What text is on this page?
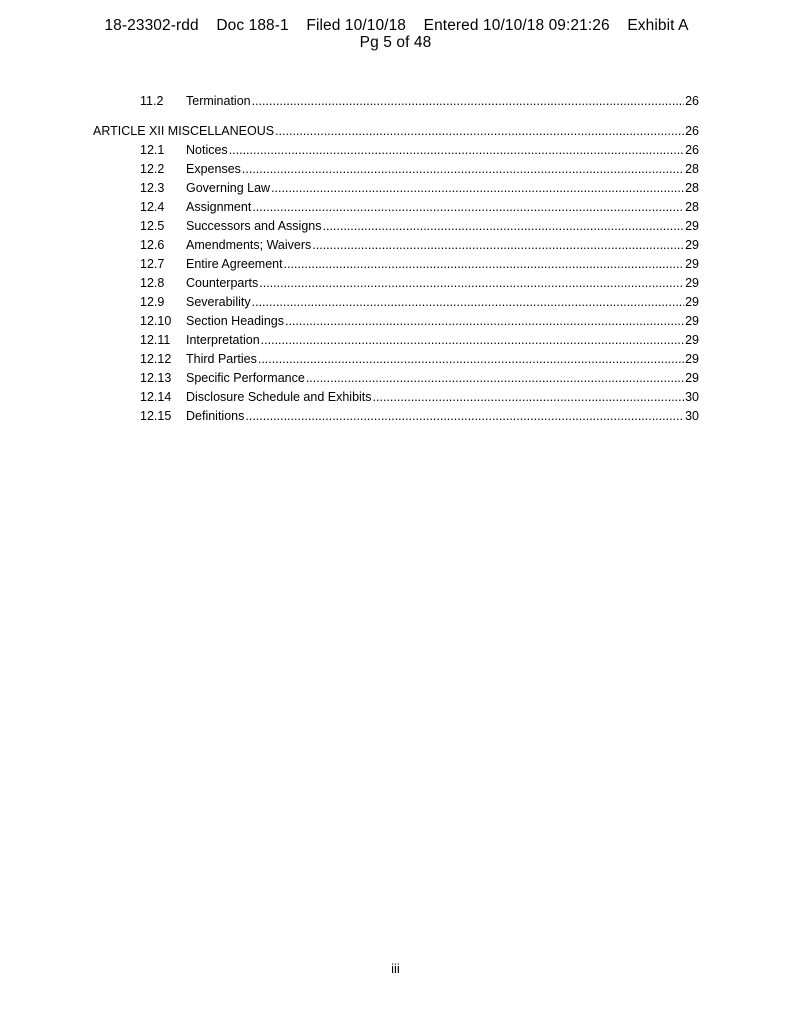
18-23302-rdd    Doc 188-1    Filed 10/10/18    Entered 10/10/18 09:21:26    Exhibit A
Pg 5 of 48
11.2	Termination .....	26
ARTICLE XII MISCELLANEOUS .....	26
12.1	Notices .....	26
12.2	Expenses .....	28
12.3	Governing Law .....	28
12.4	Assignment .....	28
12.5	Successors and Assigns .....	29
12.6	Amendments; Waivers .....	29
12.7	Entire Agreement .....	29
12.8	Counterparts .....	29
12.9	Severability .....	29
12.10	Section Headings .....	29
12.11	Interpretation .....	29
12.12	Third Parties .....	29
12.13	Specific Performance .....	29
12.14	Disclosure Schedule and Exhibits .....	30
12.15	Definitions .....	30
iii
